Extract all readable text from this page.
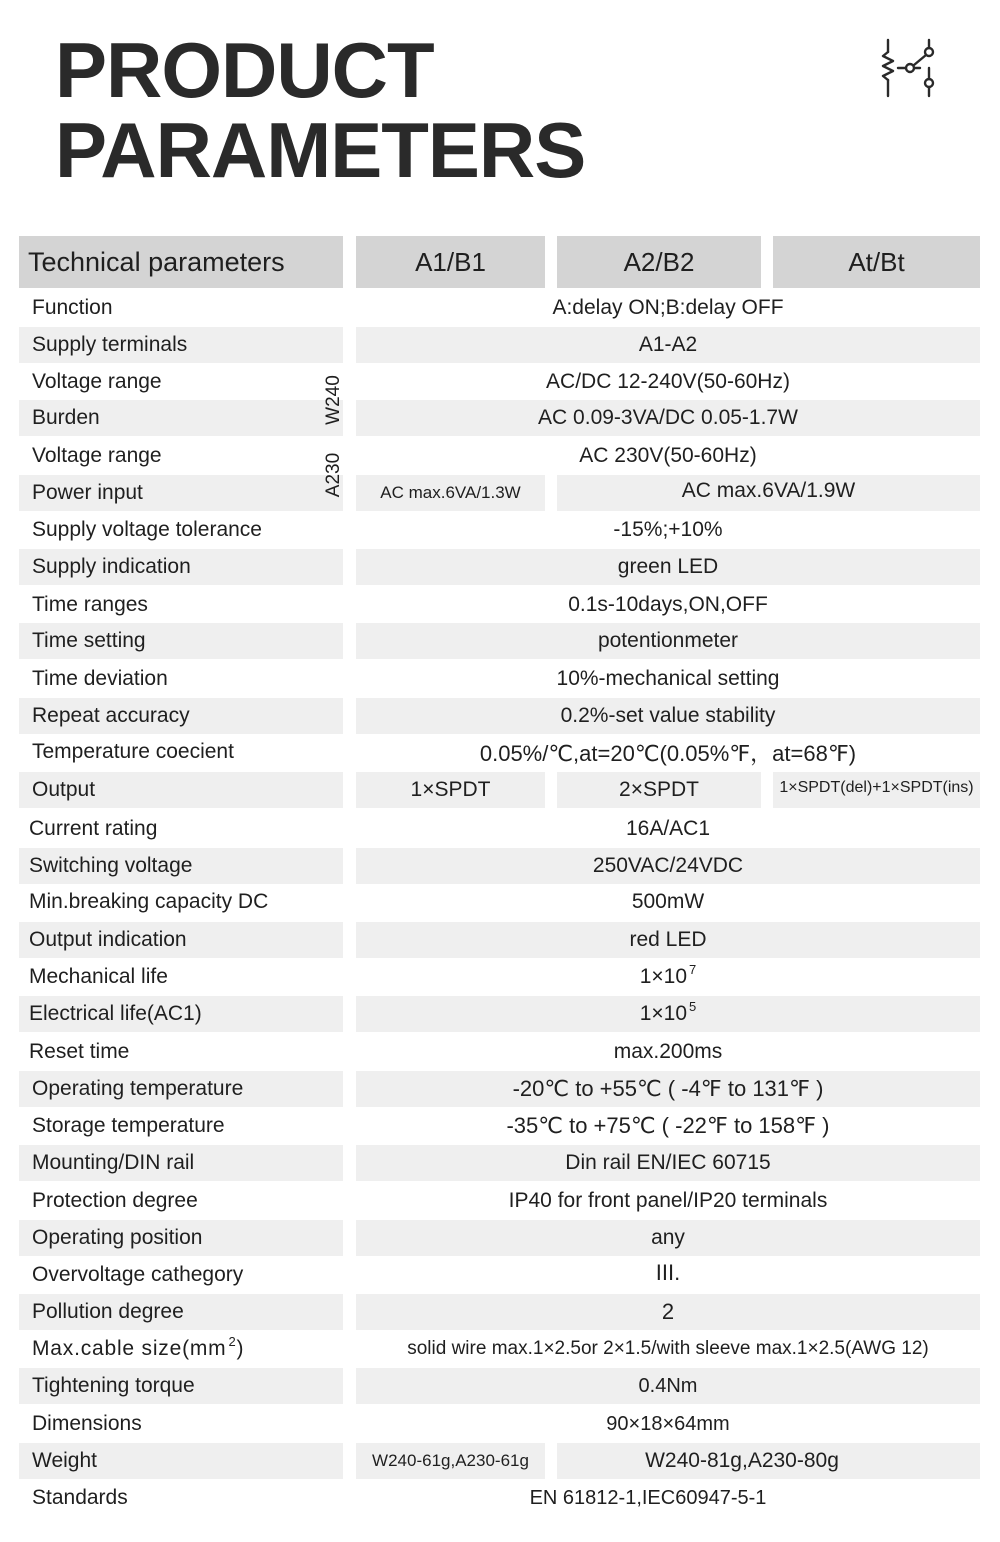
PRODUCT
PARAMETERS
Technical parameters	A1/B1	A2/B2	At/Bt
Function	A:delay ON;B:delay OFF
Supply terminals	A1-A2
Voltage range	AC/DC 12-240V(50-60Hz)
Burden	AC 0.09-3VA/DC 0.05-1.7W
W240
Voltage range	AC 230V(50-60Hz)
Power input	AC max.6VA/1.3W	AC max.6VA/1.9W
A230
Supply voltage tolerance	-15%;+10%
Supply indication	green LED
Time ranges	0.1s-10days,ON,OFF
Time setting	potentionmeter
Time deviation	10%-mechanical setting
Repeat accuracy	0.2%-set value stability
Temperature coecient	0.05%/℃,at=20℃(0.05%℉，at=68℉)
Output	1×SPDT	2×SPDT	1×SPDT(del)+1×SPDT(ins)
Current rating	16A/AC1
Switching voltage	250VAC/24VDC
Min.breaking capacity DC	500mW
Output indication	red LED
Mechanical life	$1\times 10^7$
Electrical life(AC1)	$1\times 10^5$
Reset time	max.200ms
Operating temperature	-20℃ to +55℃ ( -4℉ to 131℉ )
Storage temperature	-35℃ to +75℃ ( -22℉ to 158℉ )
Mounting/DIN rail	Din rail EN/IEC 60715
Protection degree	IP40 for front panel/IP20 terminals
Operating position	any
Overvoltage cathegory	III.
Pollution degree	2
Max.cable $size(mm^2$ )	solid wire max.1×2.5or 2×1.5/with sleeve max.1×2.5(AWG 12)
Tightening torque	0.4Nm
Dimensions	90×18×64mm
Weight	W240-61g,A230-61g	W240-81g,A230-80g
Standards	EN 61812-1,IEC60947-5-1
